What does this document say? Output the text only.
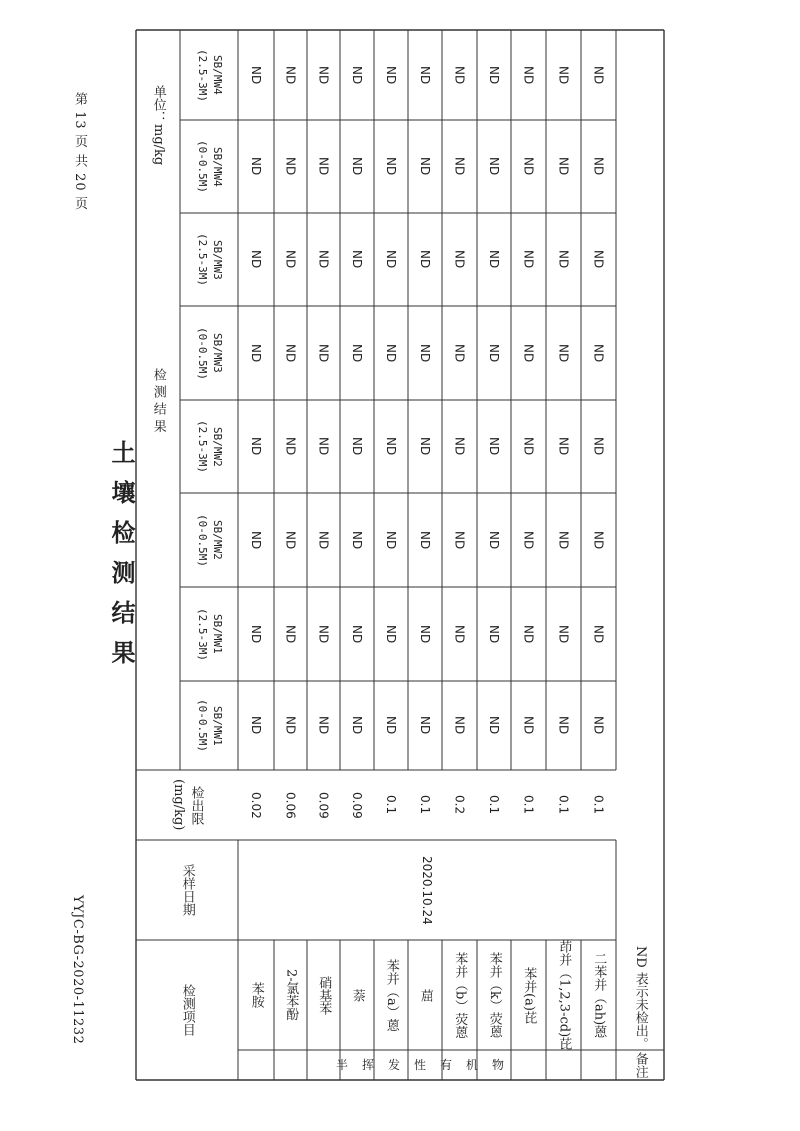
第 13 页 共 20 页
YYJC-BG-2020-11232
土壤检测结果
检测项目
采样日期
检出限
(mg/kg)
检 测 结 果
单位：mg/kg
SB/MW1
(0-0.5M)
SB/MW1
(2.5-3M)
SB/MW2
(0-0.5M)
SB/MW2
(2.5-3M)
SB/MW3
(0-0.5M)
SB/MW3
(2.5-3M)
SB/MW4
(0-0.5M)
SB/MW4
(2.5-3M)
半挥发性有机物
2020.10.24
苯胺
0.02
ND
ND
ND
ND
ND
ND
ND
ND
2-氯苯酚
0.06
ND
ND
ND
ND
ND
ND
ND
ND
硝基苯
0.09
ND
ND
ND
ND
ND
ND
ND
ND
萘
0.09
ND
ND
ND
ND
ND
ND
ND
ND
苯并（a）蒽
0.1
ND
ND
ND
ND
ND
ND
ND
ND
䓛
0.1
ND
ND
ND
ND
ND
ND
ND
ND
苯并（b）荧蒽
0.2
ND
ND
ND
ND
ND
ND
ND
ND
苯并（k）荧蒽
0.1
ND
ND
ND
ND
ND
ND
ND
ND
苯并(a)芘
0.1
ND
ND
ND
ND
ND
ND
ND
ND
茚并（1,2,3-cd)芘
0.1
ND
ND
ND
ND
ND
ND
ND
ND
二苯并（ah)蒽
0.1
ND
ND
ND
ND
ND
ND
ND
ND
备注
ND 表示未检出。
